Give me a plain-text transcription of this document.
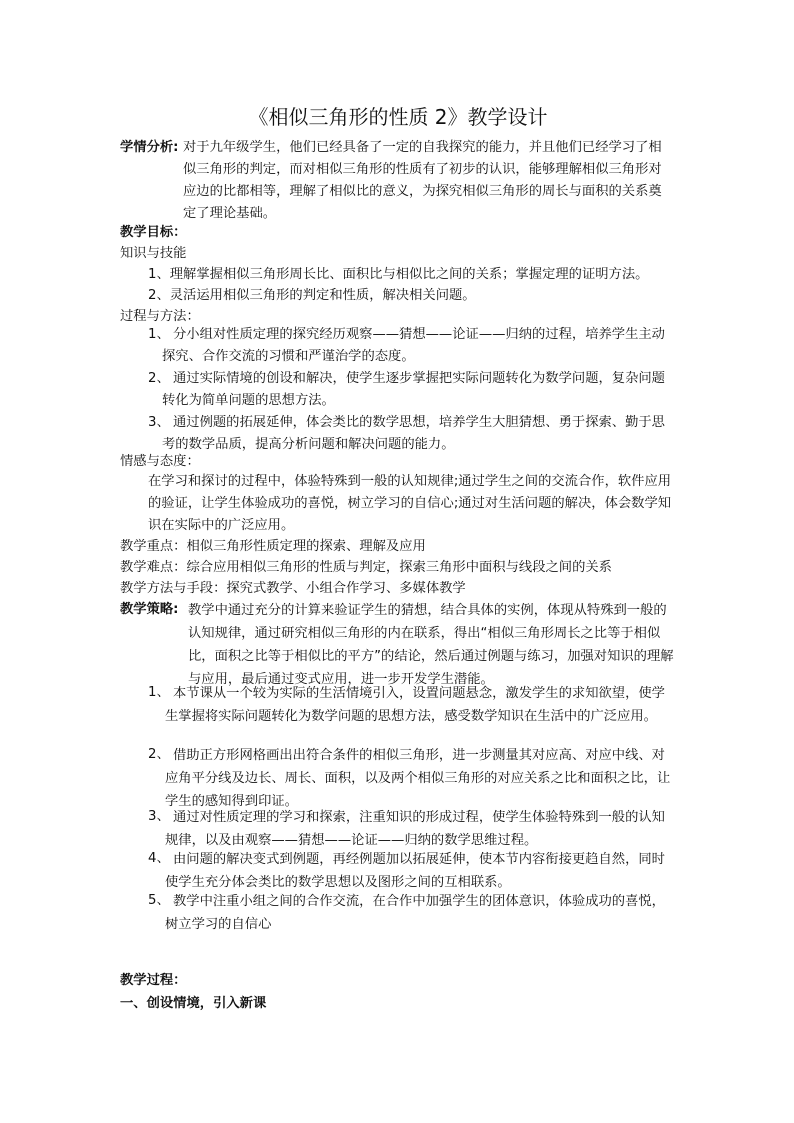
《相似三角形的性质 2》教学设计
学情分析: 对于九年级学生，他们已经具备了一定的自我探究的能力，并且他们已经学习了相似三角形的判定，而对相似三角形的性质有了初步的认识，能够理解相似三角形对应边的比都相等，理解了相似比的意义，为探究相似三角形的周长与面积的关系奠定了理论基础。
教学目标：
知识与技能
1、理解掌握相似三角形周长比、面积比与相似比之间的关系；掌握定理的证明方法。
2、灵活运用相似三角形的判定和性质，解决相关问题。
过程与方法：
1、 分小组对性质定理的探究经历观察——猜想——论证——归纳的过程，培养学生主动探究、合作交流的习惯和严谨治学的态度。
2、 通过实际情境的创设和解决，使学生逐步掌握把实际问题转化为数学问题，复杂问题转化为简单问题的思想方法。
3、 通过例题的拓展延伸，体会类比的数学思想，培养学生大胆猜想、勇于探索、勤于思考的数学品质，提高分析问题和解决问题的能力。
情感与态度：
在学习和探讨的过程中，体验特殊到一般的认知规律;通过学生之间的交流合作，软件应用的验证，让学生体验成功的喜悦，树立学习的自信心;通过对生活问题的解决，体会数学知识在实际中的广泛应用。
教学重点：相似三角形性质定理的探索、理解及应用
教学难点：综合应用相似三角形的性质与判定，探索三角形中面积与线段之间的关系
教学方法与手段：探究式教学、小组合作学习、多媒体教学
教学策略: 教学中通过充分的计算来验证学生的猜想，结合具体的实例，体现从特殊到一般的认知规律，通过研究相似三角形的内在联系，得出“相似三角形周长之比等于相似比，面积之比等于相似比的平方”的结论，然后通过例题与练习，加强对知识的理解与应用，最后通过变式应用，进一步开发学生潜能。
1、 本节课从一个较为实际的生活情境引入，设置问题悬念，激发学生的求知欲望，使学生掌握将实际问题转化为数学问题的思想方法，感受数学知识在生活中的广泛应用。
2、 借助正方形网格画出出符合条件的相似三角形，进一步测量其对应高、对应中线、对应角平分线及边长、周长、面积，以及两个相似三角形的对应关系之比和面积之比，让学生的感知得到印证。
3、 通过对性质定理的学习和探索，注重知识的形成过程，使学生体验特殊到一般的认知规律，以及由观察——猜想——论证——归纳的数学思维过程。
4、 由问题的解决变式到例题，再经例题加以拓展延伸，使本节内容衔接更趋自然，同时使学生充分体会类比的数学思想以及图形之间的互相联系。
5、 教学中注重小组之间的合作交流，在合作中加强学生的团体意识，体验成功的喜悦，树立学习的自信心
教学过程：
一、创设情境，引入新课
